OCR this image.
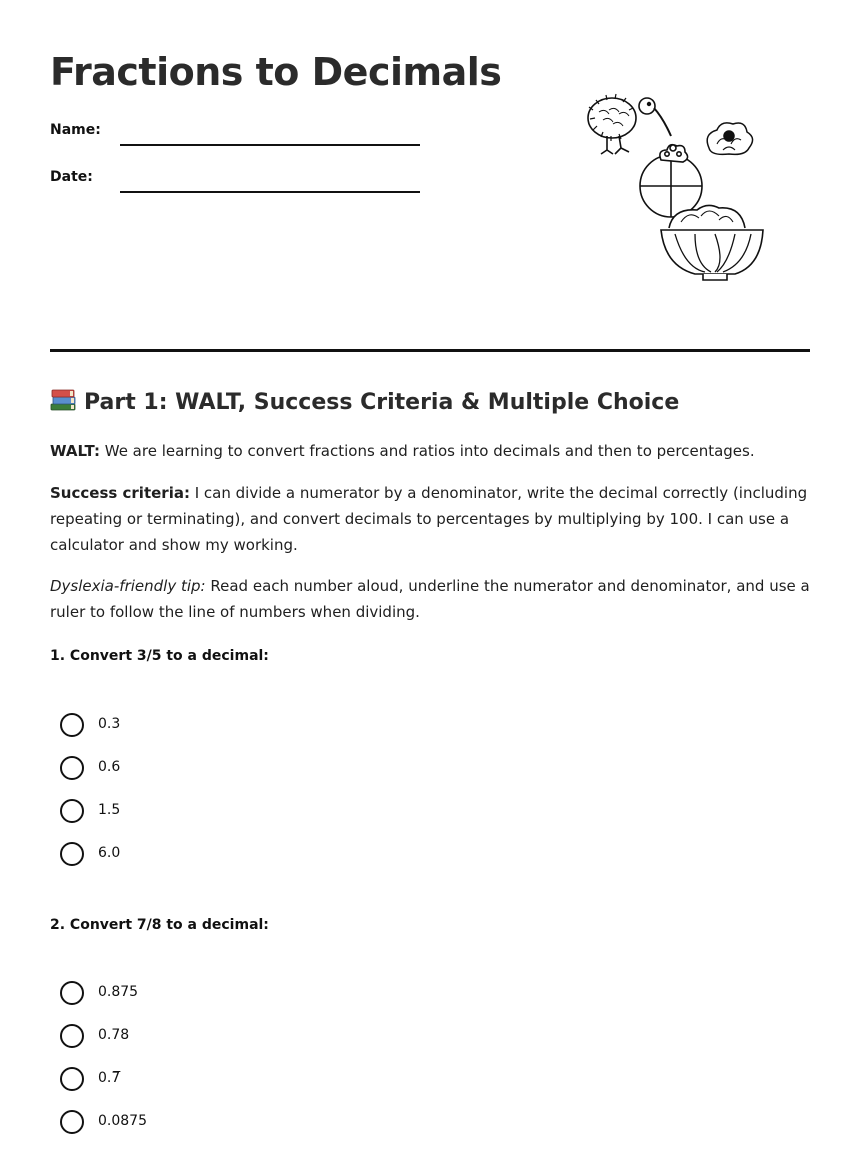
Fractions to Decimals
Name:
Date:
Part 1: WALT, Success Criteria & Multiple Choice

WALT: We are learning to convert fractions and ratios into decimals and then to percentages.

Success criteria: I can divide a numerator by a denominator, write the decimal correctly (including repeating or terminating), and convert decimals to percentages by multiplying by 100. I can use a calculator and show my working.

Dyslexia-friendly tip: Read each number aloud, underline the numerator and denominator, and use a ruler to follow the line of numbers when dividing.

1. Convert 3/5 to a decimal:

0.3
0.6
1.5
6.0

2. Convert 7/8 to a decimal:

0.875
0.78
0.7̅
0.0875
